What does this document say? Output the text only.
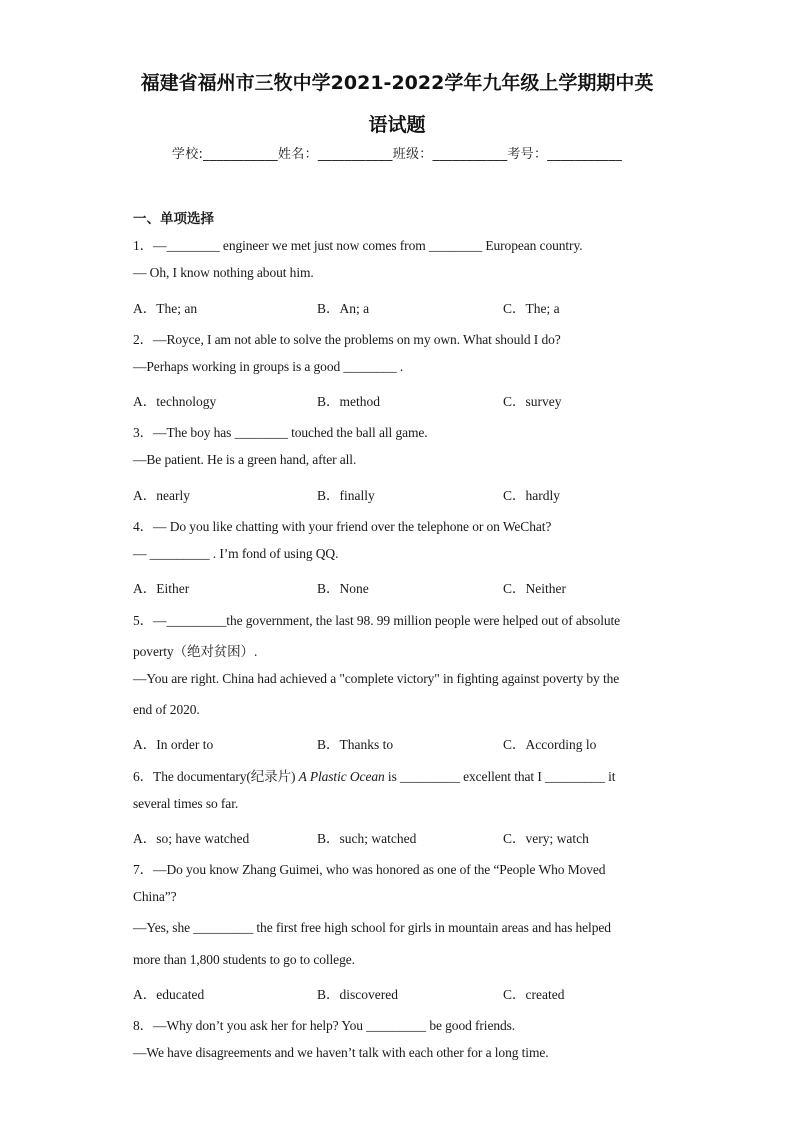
福建省福州市三牧中学2021-2022学年九年级上学期期中英
语试题
学校:___________姓名：___________班级：___________考号：___________
一、单项选择
1．—________ engineer we met just now comes from ________ European country.
— Oh, I know nothing about him.
A．The; an	B．An; a	C．The; a
2．—Royce, I am not able to solve the problems on my own. What should I do?
—Perhaps working in groups is a good ________ .
A．technology	B．method	C．survey
3．—The boy has ________ touched the ball all game.
—Be patient. He is a green hand, after all.
A．nearly	B．finally	C．hardly
4．— Do you like chatting with your friend over the telephone or on WeChat?
— _________ . I’m fond of using QQ.
A．Either	B．None	C．Neither
5．—_________the government, the last 98. 99 million people were helped out of absolute
poverty（绝对贫困）.
—You are right. China had achieved a "complete victory" in fighting against poverty by the
end of 2020.
A．In order to	B．Thanks to	C．According lo
6．The documentary(纪录片) A Plastic Ocean is _________ excellent that I _________ it
several times so far.
A．so; have watched	B．such; watched	C．very; watch
7．—Do you know Zhang Guimei, who was honored as one of the “People Who Moved
China”?
—Yes, she _________ the first free high school for girls in mountain areas and has helped
more than 1,800 students to go to college.
A．educated	B．discovered	C．created
8．—Why don’t you ask her for help? You _________ be good friends.
—We have disagreements and we haven’t talk with each other for a long time.
